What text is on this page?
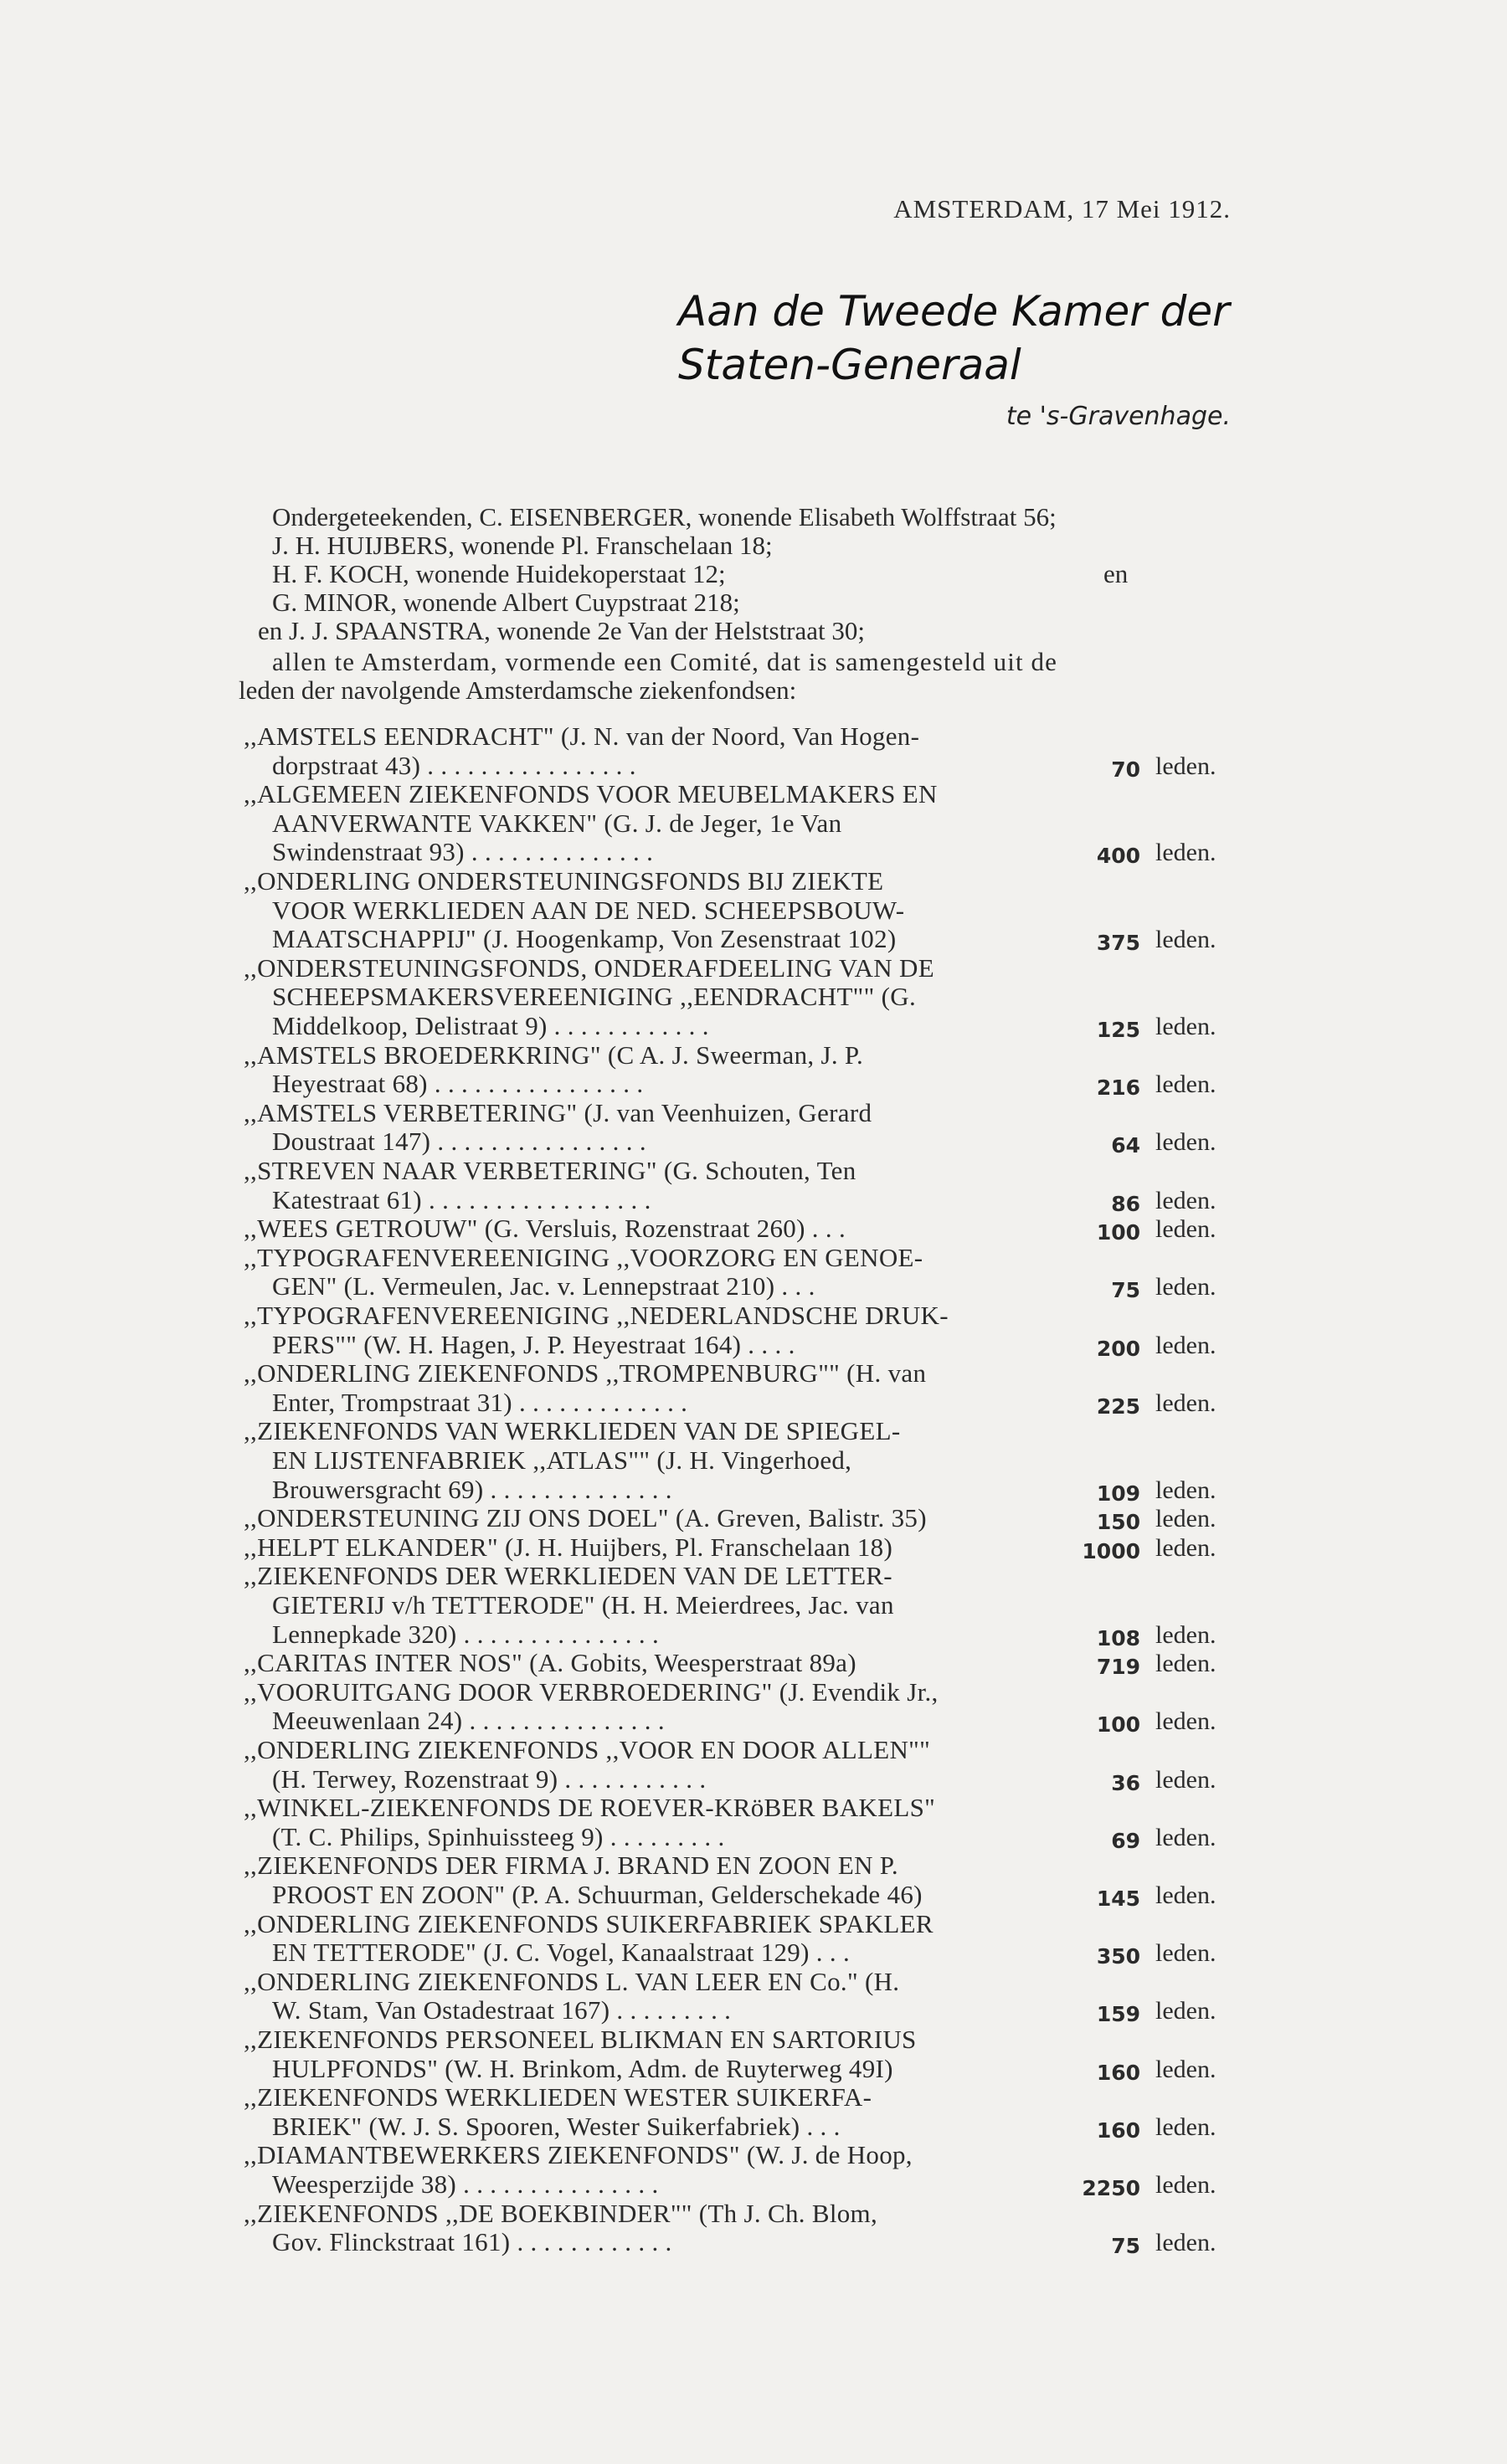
AMSTERDAM, 17 Mei 1912.
Aan de Tweede Kamer der
Staten-Generaal
te 's-Gravenhage.
Ondergeteekenden, C. EISENBERGER, wonende Elisabeth Wolffstraat 56;
J. H. HUIJBERS, wonende Pl. Franschelaan 18;
H. F. KOCH, wonende Huidekoperstaat 12;	en
G. MINOR, wonende Albert Cuypstraat 218;
en J. J. SPAANSTRA, wonende 2e Van der Helststraat 30;
allen te Amsterdam, vormende een Comité, dat is samengesteld uit de
leden der navolgende Amsterdamsche ziekenfondsen:
,,AMSTELS EENDRACHT" (J. N. van der Noord, Van Hogen-
dorpstraat 43) . . . . . . . . . . . . . . . .	70 leden.
,,ALGEMEEN ZIEKENFONDS VOOR MEUBELMAKERS EN
AANVERWANTE VAKKEN" (G. J. de Jeger, 1e Van
Swindenstraat 93) . . . . . . . . . . . . . .	400 leden.
,,ONDERLING ONDERSTEUNINGSFONDS BIJ ZIEKTE
VOOR WERKLIEDEN AAN DE NED. SCHEEPSBOUW-
MAATSCHAPPIJ" (J. Hoogenkamp, Von Zesenstraat 102)	375 leden.
,,ONDERSTEUNINGSFONDS, ONDERAFDEELING VAN DE
SCHEEPSMAKERSVEREENIGING ,,EENDRACHT"" (G.
Middelkoop, Delistraat 9) . . . . . . . . . . . .	125 leden.
,,AMSTELS BROEDERKRING" (C A. J. Sweerman, J. P.
Heyestraat 68) . . . . . . . . . . . . . . . .	216 leden.
,,AMSTELS VERBETERING" (J. van Veenhuizen, Gerard
Doustraat 147) . . . . . . . . . . . . . . . .	64 leden.
,,STREVEN NAAR VERBETERING" (G. Schouten, Ten
Katestraat 61) . . . . . . . . . . . . . . . . .	86 leden.
,,WEES GETROUW" (G. Versluis, Rozenstraat 260) . . .	100 leden.
,,TYPOGRAFENVEREENIGING ,,VOORZORG EN GENOE-
GEN" (L. Vermeulen, Jac. v. Lennepstraat 210) . . .	75 leden.
,,TYPOGRAFENVEREENIGING ,,NEDERLANDSCHE DRUK-
PERS"" (W. H. Hagen, J. P. Heyestraat 164) . . . .	200 leden.
,,ONDERLING ZIEKENFONDS ,,TROMPENBURG"" (H. van
Enter, Trompstraat 31) . . . . . . . . . . . . .	225 leden.
,,ZIEKENFONDS VAN WERKLIEDEN VAN DE SPIEGEL-
EN LIJSTENFABRIEK ,,ATLAS"" (J. H. Vingerhoed,
Brouwersgracht 69) . . . . . . . . . . . . . .	109 leden.
,,ONDERSTEUNING ZIJ ONS DOEL" (A. Greven, Balistr. 35)	150 leden.
,,HELPT ELKANDER" (J. H. Huijbers, Pl. Franschelaan 18)	1000 leden.
,,ZIEKENFONDS DER WERKLIEDEN VAN DE LETTER-
GIETERIJ v/h TETTERODE" (H. H. Meierdrees, Jac. van
Lennepkade 320) . . . . . . . . . . . . . . .	108 leden.
,,CARITAS INTER NOS" (A. Gobits, Weesperstraat 89a)	719 leden.
,,VOORUITGANG DOOR VERBROEDERING" (J. Evendik Jr.,
Meeuwenlaan 24) . . . . . . . . . . . . . . .	100 leden.
,,ONDERLING ZIEKENFONDS ,,VOOR EN DOOR ALLEN""
(H. Terwey, Rozenstraat 9) . . . . . . . . . . .	36 leden.
,,WINKEL-ZIEKENFONDS DE ROEVER-KRöBER BAKELS"
(T. C. Philips, Spinhuissteeg 9) . . . . . . . . .	69 leden.
,,ZIEKENFONDS DER FIRMA J. BRAND EN ZOON EN P.
PROOST EN ZOON" (P. A. Schuurman, Gelderschekade 46)	145 leden.
,,ONDERLING ZIEKENFONDS SUIKERFABRIEK SPAKLER
EN TETTERODE" (J. C. Vogel, Kanaalstraat 129) . . .	350 leden.
,,ONDERLING ZIEKENFONDS L. VAN LEER EN Co." (H.
W. Stam, Van Ostadestraat 167) . . . . . . . . .	159 leden.
,,ZIEKENFONDS PERSONEEL BLIKMAN EN SARTORIUS
HULPFONDS" (W. H. Brinkom, Adm. de Ruyterweg 49I)	160 leden.
,,ZIEKENFONDS WERKLIEDEN WESTER SUIKERFA-
BRIEK" (W. J. S. Spooren, Wester Suikerfabriek) . . .	160 leden.
,,DIAMANTBEWERKERS ZIEKENFONDS" (W. J. de Hoop,
Weesperzijde 38) . . . . . . . . . . . . . . .	2250 leden.
,,ZIEKENFONDS ,,DE BOEKBINDER"" (Th J. Ch. Blom,
Gov. Flinckstraat 161) . . . . . . . . . . . .	75 leden.
